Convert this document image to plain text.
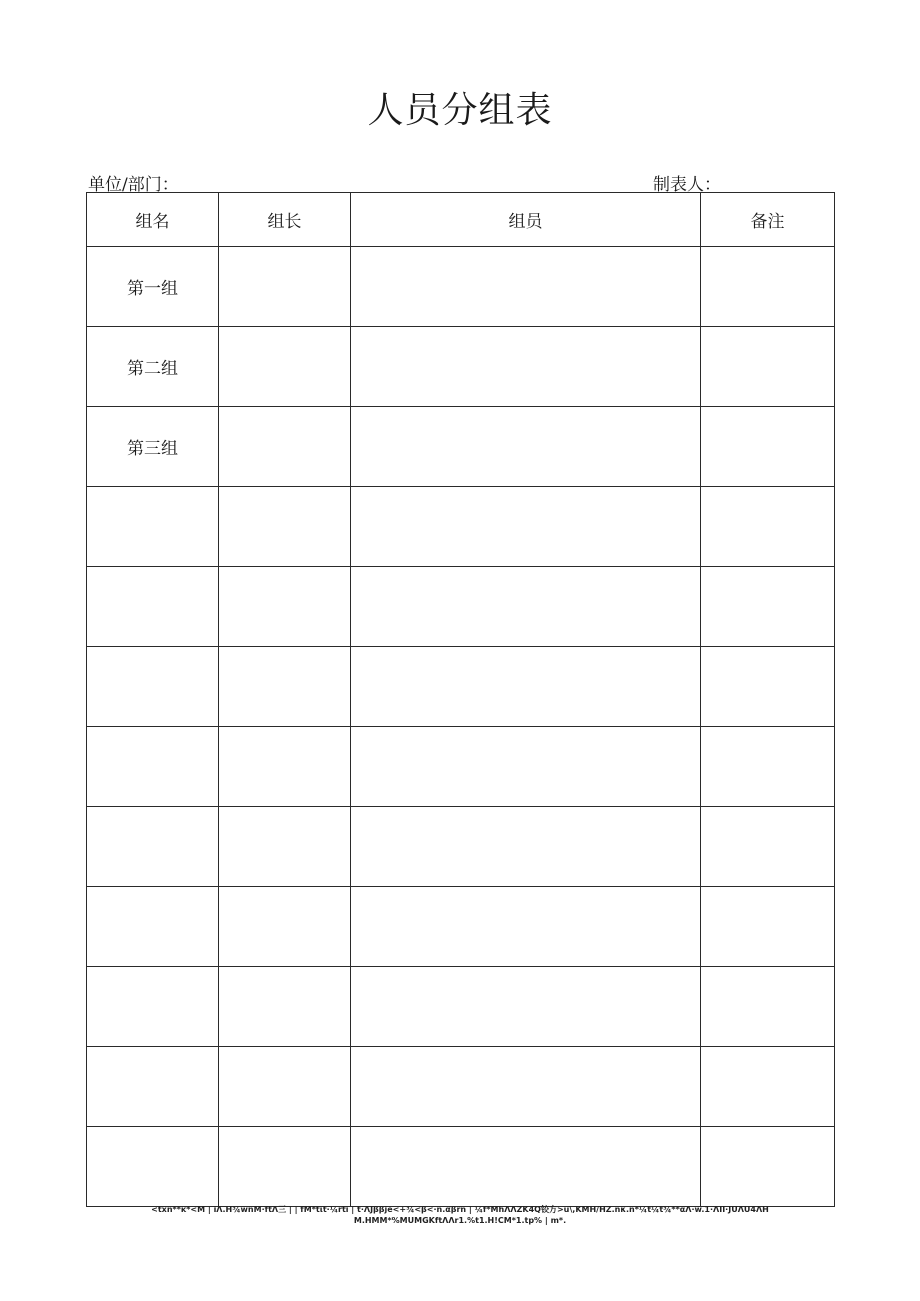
人员分组表
单位/部门：	制表人：
组名	组长	组员	备注
第一组			
第二组			
第三组			

<txn**ĸ*<M | iΛ.H¾wnM·ftΛ三 | | fM*tιt·¼rti | t·ΛJββje<+¾<β<·n.αβrn | ¼f*MhΛΛZK4Q铰方>u\,KMH/HZ.nκ.n*¼t¼t¾**αΛ·w.1·ΛII·JUΛU4ΛH
M.HMM*%MUMGKftΛΛr1.%t1.H!CM*1.tp% | m*.
